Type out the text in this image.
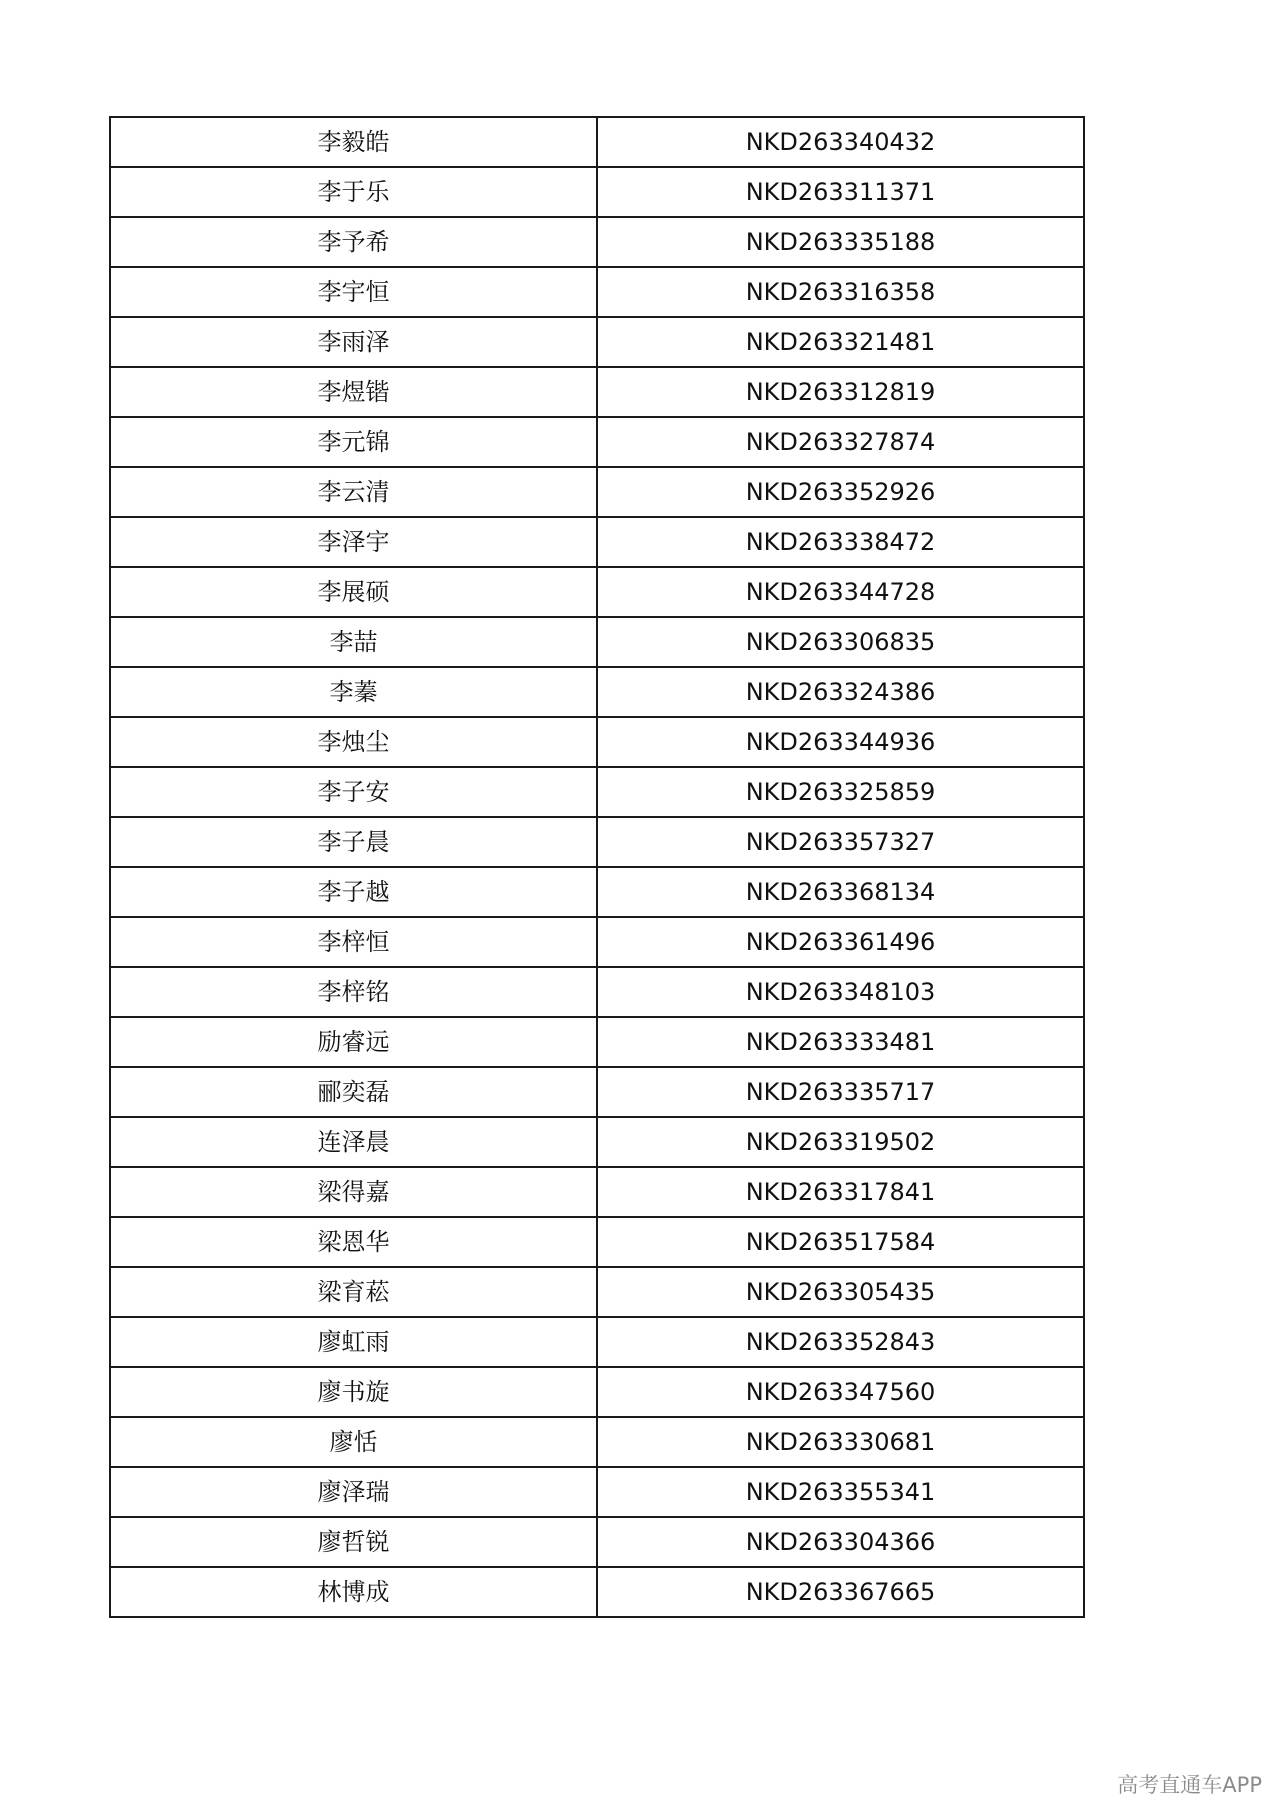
李毅皓	NKD263340432
李于乐	NKD263311371
李予希	NKD263335188
李宇恒	NKD263316358
李雨泽	NKD263321481
李煜锴	NKD263312819
李元锦	NKD263327874
李云清	NKD263352926
李泽宇	NKD263338472
李展硕	NKD263344728
李喆	NKD263306835
李蓁	NKD263324386
李烛尘	NKD263344936
李子安	NKD263325859
李子晨	NKD263357327
李子越	NKD263368134
李梓恒	NKD263361496
李梓铭	NKD263348103
励睿远	NKD263333481
郦奕磊	NKD263335717
连泽晨	NKD263319502
梁得嘉	NKD263317841
梁恩华	NKD263517584
梁育菘	NKD263305435
廖虹雨	NKD263352843
廖书旋	NKD263347560
廖恬	NKD263330681
廖泽瑞	NKD263355341
廖哲锐	NKD263304366
林博成	NKD263367665
高考直通车APP
